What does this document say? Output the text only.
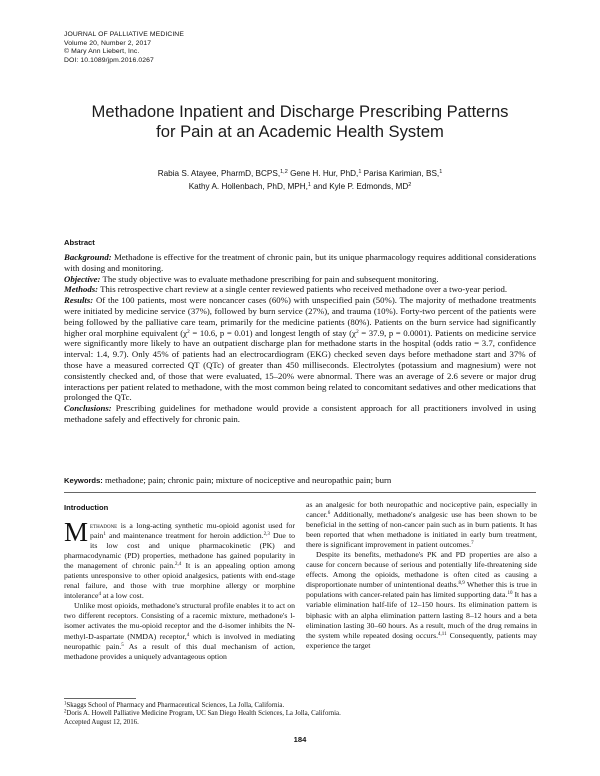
JOURNAL OF PALLIATIVE MEDICINE
Volume 20, Number 2, 2017
© Mary Ann Liebert, Inc.
DOI: 10.1089/jpm.2016.0267
Methadone Inpatient and Discharge Prescribing Patterns
for Pain at an Academic Health System
Rabia S. Atayee, PharmD, BCPS,$^{1,2}$ Gene H. Hur, PhD,$^1$ Parisa Karimian, BS,$^1$
Kathy A. Hollenbach, PhD, MPH,$^1$ and Kyle P. Edmonds, $MD^2$
Abstract

Background: Methadone is effective for the treatment of chronic pain, but its unique pharmacology requires additional considerations with dosing and monitoring.

Objective: The study objective was to evaluate methadone prescribing for pain and subsequent monitoring.

Methods: This retrospective chart review at a single center reviewed patients who received methadone over a two-year period.

Results: Of the 100 patients, most were noncancer cases (60%) with unspecified pain (50%). The majority of methadone treatments were initiated by medicine service (37%), followed by burn service (27%), and trauma (10%). Forty-two percent of the patients were being followed by the palliative care team, primarily for the medicine patients (80%). Patients on the burn service had significantly higher oral morphine equivalent ($\chi^2 = 10.6$, p = 0.01) and longest length of stay ($\chi^2 = 37.9$, p = 0.0001). Patients on medicine service were significantly more likely to have an outpatient discharge plan for methadone starts in the hospital (odds ratio = 3.7, confidence interval: 1.4, 9.7). Only 45% of patients had an electrocardiogram (EKG) checked seven days before methadone start and 37% of those have a measured corrected QT (QTc) of greater than 450 milliseconds. Electrolytes (potassium and magnesium) were not consistently checked and, of those that were evaluated, 15–20% were abnormal. There was an average of 2.6 severe or major drug interactions per patient related to methadone, with the most common being related to concomitant sedatives and other medications that prolonged the QTc.

Conclusions: Prescribing guidelines for methadone would provide a consistent approach for all practitioners involved in using methadone safely and effectively for chronic pain.

Keywords: methadone; pain; chronic pain; mixture of nociceptive and neuropathic pain; burn
Introduction

Methadone is a long-acting synthetic mu-opioid agonist used for pain$^1$ and maintenance treatment for heroin addiction.$^{2,3}$ Due to its low cost and unique pharmacokinetic (PK) and pharmacodynamic (PD) properties, methadone has gained popularity in the management of chronic pain.$^{2,4}$ It is an appealing option among patients unresponsive to other opioid analgesics, patients with end-stage renal failure, and those with true morphine allergy or morphine intolerance$^4$ at a low cost.

Unlike most opioids, methadone's structural profile enables it to act on two different receptors. Consisting of a racemic mixture, methadone's l-isomer activates the mu-opioid receptor and the d-isomer inhibits the N-methyl-D-aspartate (NMDA) receptor,$^4$ which is involved in mediating neuropathic pain.$^5$ As a result of this dual mechanism of action, methadone provides a uniquely advantageous option

as an analgesic for both neuropathic and nociceptive pain, especially in cancer.$^6$ Additionally, methadone's analgesic use has been shown to be beneficial in the setting of non-cancer pain such as in burn patients. It has been reported that when methadone is initiated in early burn treatment, there is significant improvement in patient outcomes.$^7$

Despite its benefits, methadone's PK and PD properties are also a cause for concern because of serious and potentially life-threatening side effects. Among the opioids, methadone is often cited as causing a disproportionate number of unintentional deaths.$^{8,9}$ Whether this is true in populations with cancer-related pain has limited supporting data.$^{10}$ It has a variable elimination half-life of 12–150 hours. Its elimination pattern is biphasic with an alpha elimination pattern lasting 8–12 hours and a beta elimination lasting 30–60 hours. As a result, much of the drug remains in the system while repeated dosing occurs.$^{4,11}$ Consequently, patients may experience the target

$^1$Skaggs School of Pharmacy and Pharmaceutical Sciences, La Jolla, California.
$^2$Doris A. Howell Palliative Medicine Program, UC San Diego Health Sciences, La Jolla, California.
Accepted August 12, 2016.
184
